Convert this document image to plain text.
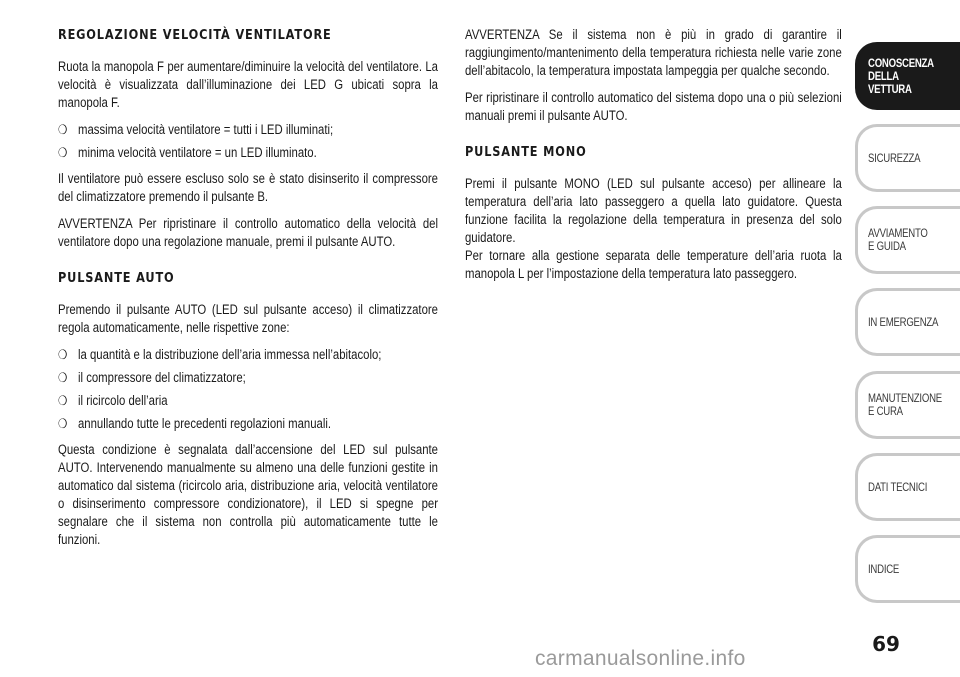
REGOLAZIONE VELOCITÀ VENTILATORE

Ruota la manopola F per aumentare/diminuire la velocità del ventilatore. La velocità è visualizzata dall’illuminazione dei LED G ubicati sopra la manopola F.

❍ massima velocità ventilatore = tutti i LED illuminati;
❍ minima velocità ventilatore = un LED illuminato.

Il ventilatore può essere escluso solo se è stato disinserito il compressore del climatizzatore premendo il pulsante B.

AVVERTENZA Per ripristinare il controllo automatico della velocità del ventilatore dopo una regolazione manuale, premi il pulsante AUTO.

PULSANTE AUTO

Premendo il pulsante AUTO (LED sul pulsante acceso) il climatizzatore regola automaticamente, nelle rispettive zone:

❍ la quantità e la distribuzione dell’aria immessa nell’abitacolo;
❍ il compressore del climatizzatore;
❍ il ricircolo dell’aria
❍ annullando tutte le precedenti regolazioni manuali.

Questa condizione è segnalata dall’accensione del LED sul pulsante AUTO. Intervenendo manualmente su almeno una delle funzioni gestite in automatico dal sistema (ricircolo aria, distribuzione aria, velocità ventilatore o disinserimento compressore condizionatore), il LED si spegne per segnalare che il sistema non controlla più automaticamente tutte le funzioni.

AVVERTENZA Se il sistema non è più in grado di garantire il raggiungimento/mantenimento della temperatura richiesta nelle varie zone dell’abitacolo, la temperatura impostata lampeggia per qualche secondo.

Per ripristinare il controllo automatico del sistema dopo una o più selezioni manuali premi il pulsante AUTO.

PULSANTE MONO

Premi il pulsante MONO (LED sul pulsante acceso) per allineare la temperatura dell’aria lato passeggero a quella lato guidatore. Questa funzione facilita la regolazione della temperatura in presenza del solo guidatore.

Per tornare alla gestione separata delle temperature dell’aria ruota la manopola L per l’impostazione della temperatura lato passeggero.

CONOSCENZA
DELLA
VETTURA
SICUREZZA
AVVIAMENTO
E GUIDA
IN EMERGENZA
MANUTENZIONE
E CURA
DATI TECNICI
INDICE
69
carmanualsonline.info
